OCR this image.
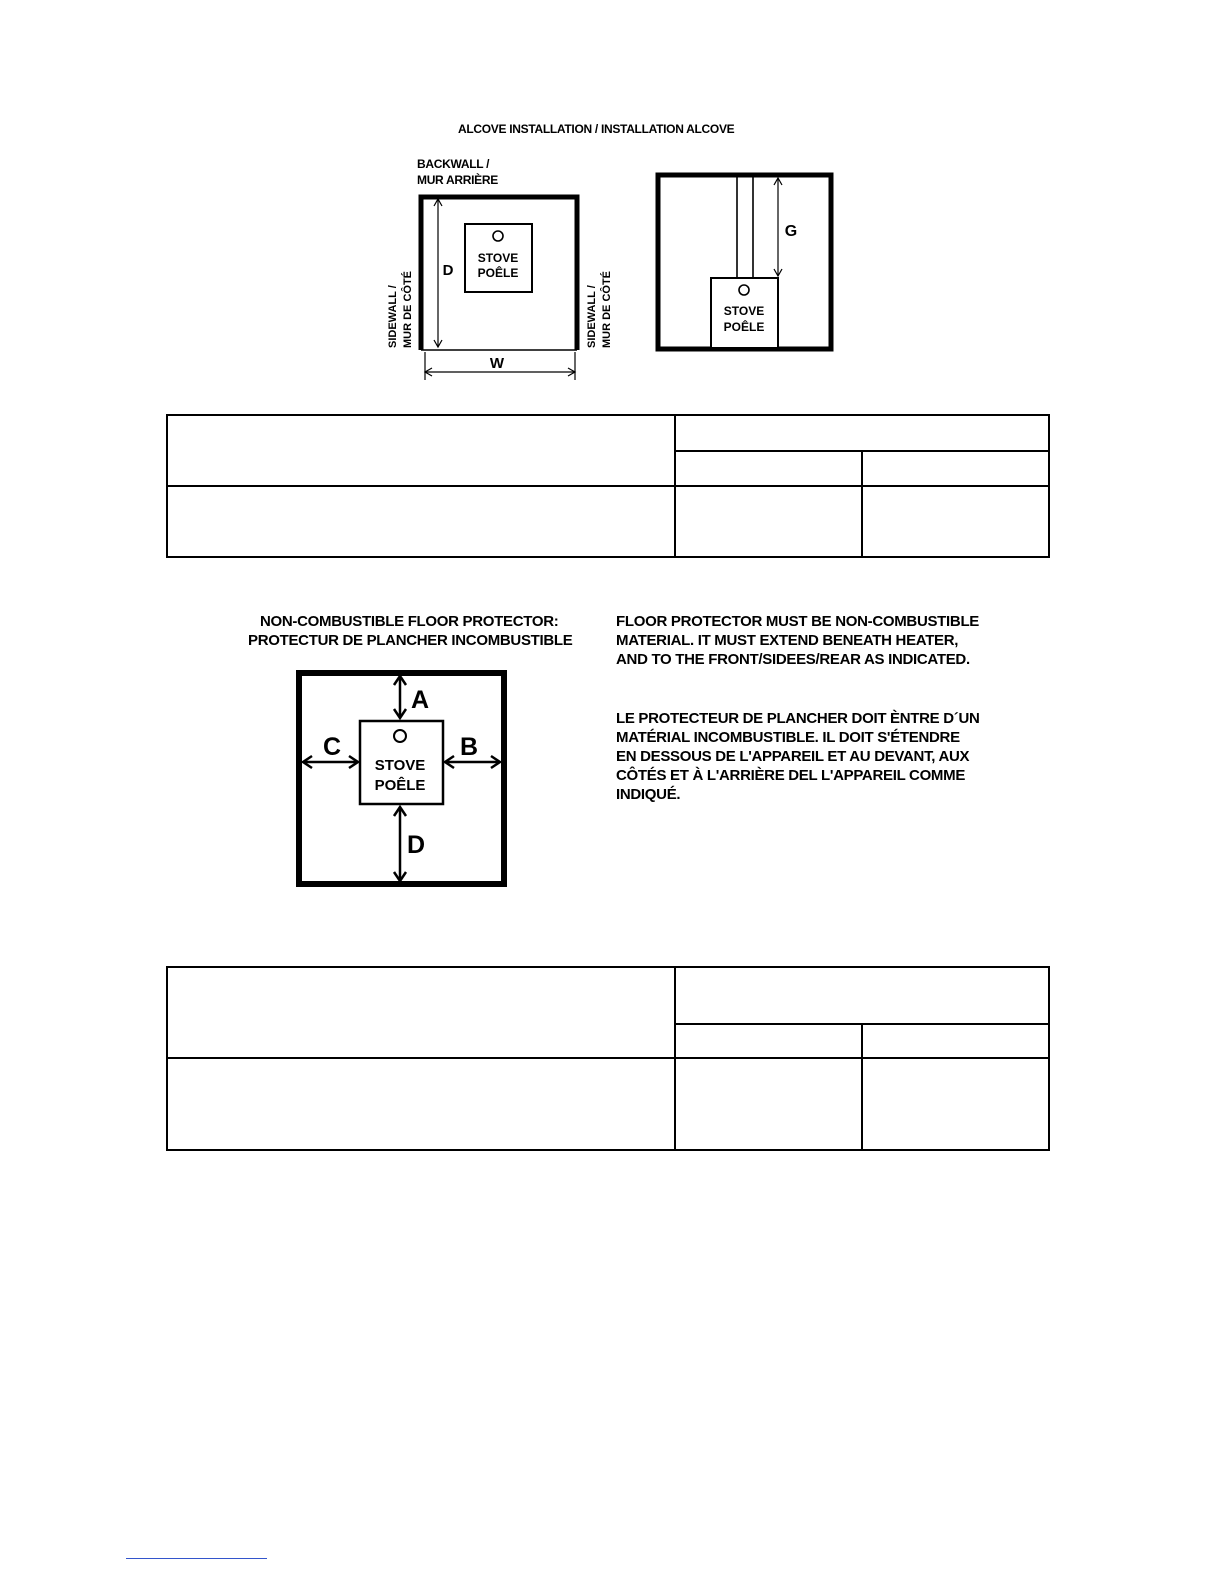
ALCOVE INSTALLATION / INSTALLATION ALCOVE
BACKWALL /
MUR ARRIÈRE
STOVE
POÊLE
D
W
SIDEWALL / MUR DE CÔTÉ	SIDEWALL / MUR DE CÔTÉ	STOVE
POÊLE
G

NON-COMBUSTIBLE FLOOR PROTECTOR:
PROTECTUR DE PLANCHER INCOMBUSTIBLE
FLOOR PROTECTOR MUST BE NON-COMBUSTIBLE
MATERIAL. IT MUST EXTEND BENEATH HEATER,
AND TO THE FRONT/SIDEES/REAR AS INDICATED.
LE PROTECTEUR DE PLANCHER DOIT ÈNTRE D´UN
MATÉRIAL INCOMBUSTIBLE. IL DOIT S'ÉTENDRE
EN DESSOUS DE L'APPAREIL ET AU DEVANT, AUX
CÔTÉS ET À L'ARRIÈRE DEL L'APPAREIL COMME
INDIQUÉ.
STOVE
POÊLE
A
D
C	B
